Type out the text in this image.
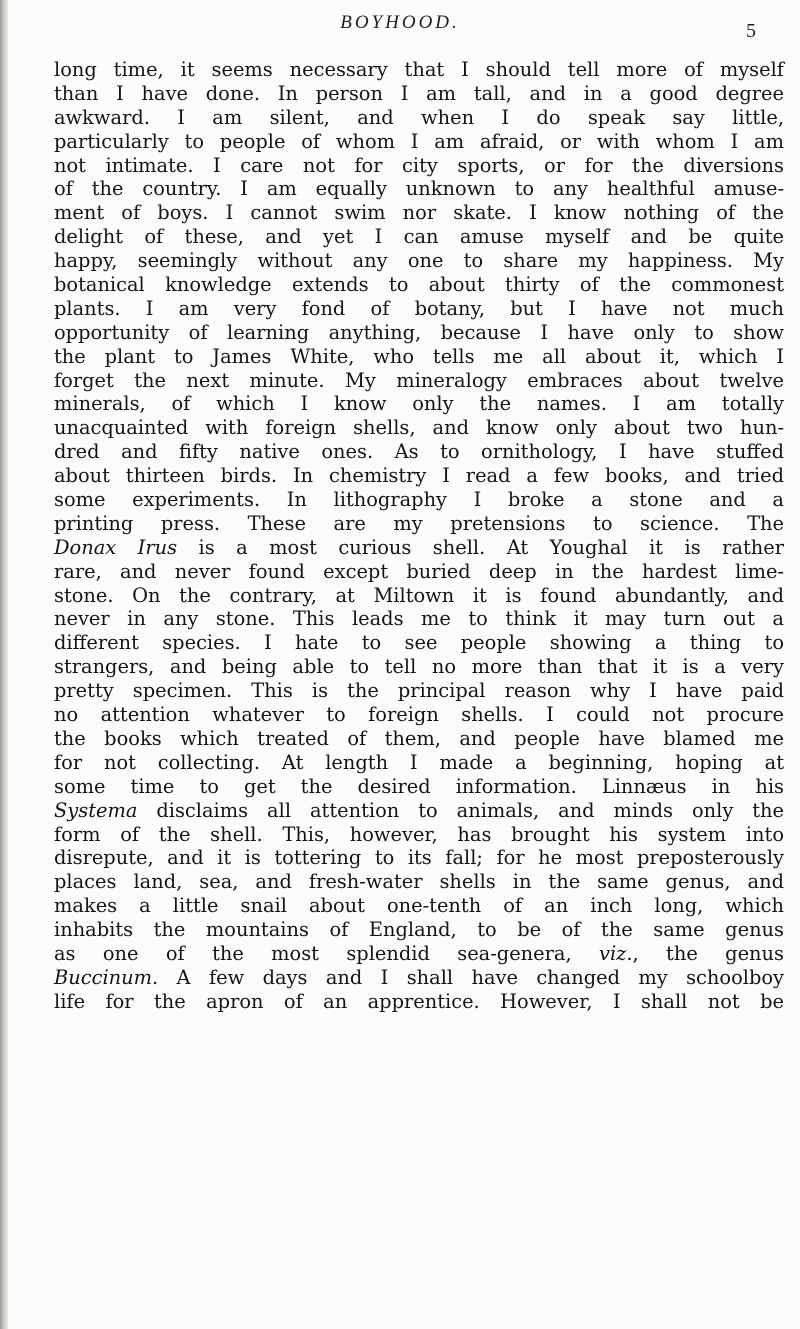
BOYHOOD.	5
long time, it seems necessary that I should tell more of myself
than I have done. In person I am tall, and in a good degree
awkward. I am silent, and when I do speak say little,
particularly to people of whom I am afraid, or with whom I am
not intimate. I care not for city sports, or for the diversions
of the country. I am equally unknown to any healthful amuse-
ment of boys. I cannot swim nor skate. I know nothing of the
delight of these, and yet I can amuse myself and be quite
happy, seemingly without any one to share my happiness. My
botanical knowledge extends to about thirty of the commonest
plants. I am very fond of botany, but I have not much
opportunity of learning anything, because I have only to show
the plant to James White, who tells me all about it, which I
forget the next minute. My mineralogy embraces about twelve
minerals, of which I know only the names. I am totally
unacquainted with foreign shells, and know only about two hun-
dred and fifty native ones. As to ornithology, I have stuffed
about thirteen birds. In chemistry I read a few books, and tried
some experiments. In lithography I broke a stone and a
printing press. These are my pretensions to science. The
Donax Irus is a most curious shell. At Youghal it is rather
rare, and never found except buried deep in the hardest lime-
stone. On the contrary, at Miltown it is found abundantly, and
never in any stone. This leads me to think it may turn out a
different species. I hate to see people showing a thing to
strangers, and being able to tell no more than that it is a very
pretty specimen. This is the principal reason why I have paid
no attention whatever to foreign shells. I could not procure
the books which treated of them, and people have blamed me
for not collecting. At length I made a beginning, hoping at
some time to get the desired information. Linnæus in his
Systema disclaims all attention to animals, and minds only the
form of the shell. This, however, has brought his system into
disrepute, and it is tottering to its fall; for he most preposterously
places land, sea, and fresh-water shells in the same genus, and
makes a little snail about one-tenth of an inch long, which
inhabits the mountains of England, to be of the same genus
as one of the most splendid sea-genera, viz., the genus
Buccinum. A few days and I shall have changed my schoolboy
life for the apron of an apprentice. However, I shall not be
